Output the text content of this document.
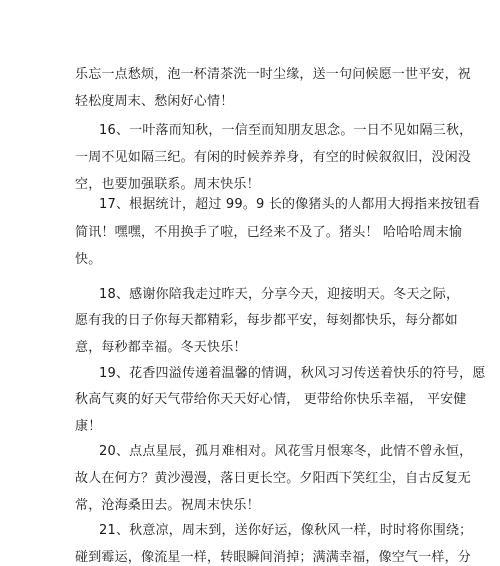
乐忘一点愁烦，泡一杯清茶洗一时尘缘，送一句问候愿一世平安，祝
轻松度周末、愁闲好心情！
16、一叶落而知秋，一信至而知朋友思念。一日不见如隔三秋，
一周不见如隔三纪。有闲的时候养养身，有空的时候叙叙旧，没闲没
空，也要加强联系。周末快乐！
17、根据统计，超过 99。9 长的像猪头的人都用大拇指来按钮看
简讯！嘿嘿，不用换手了啦，已经来不及了。猪头！ 哈哈哈周末愉
快。
18、感谢你陪我走过昨天，分享今天，迎接明天。冬天之际，
愿有我的日子你每天都精彩，每步都平安，每刻都快乐，每分都如
意，每秒都幸福。冬天快乐！
19、花香四溢传递着温馨的情调，秋风习习传送着快乐的符号，愿
秋高气爽的好天气带给你天天好心情， 更带给你快乐幸福， 平安健
康！
20、点点星辰，孤月难相对。风花雪月恨寒冬，此情不曾永恒，
故人在何方？黄沙漫漫，落日更长空。夕阳西下笑红尘，自古反复无
常，沧海桑田去。祝周末快乐！
21、秋意凉，周末到，送你好运，像秋风一样，时时将你围绕；
碰到霉运，像流星一样，转眼瞬间消掉；满满幸福，像空气一样，分
